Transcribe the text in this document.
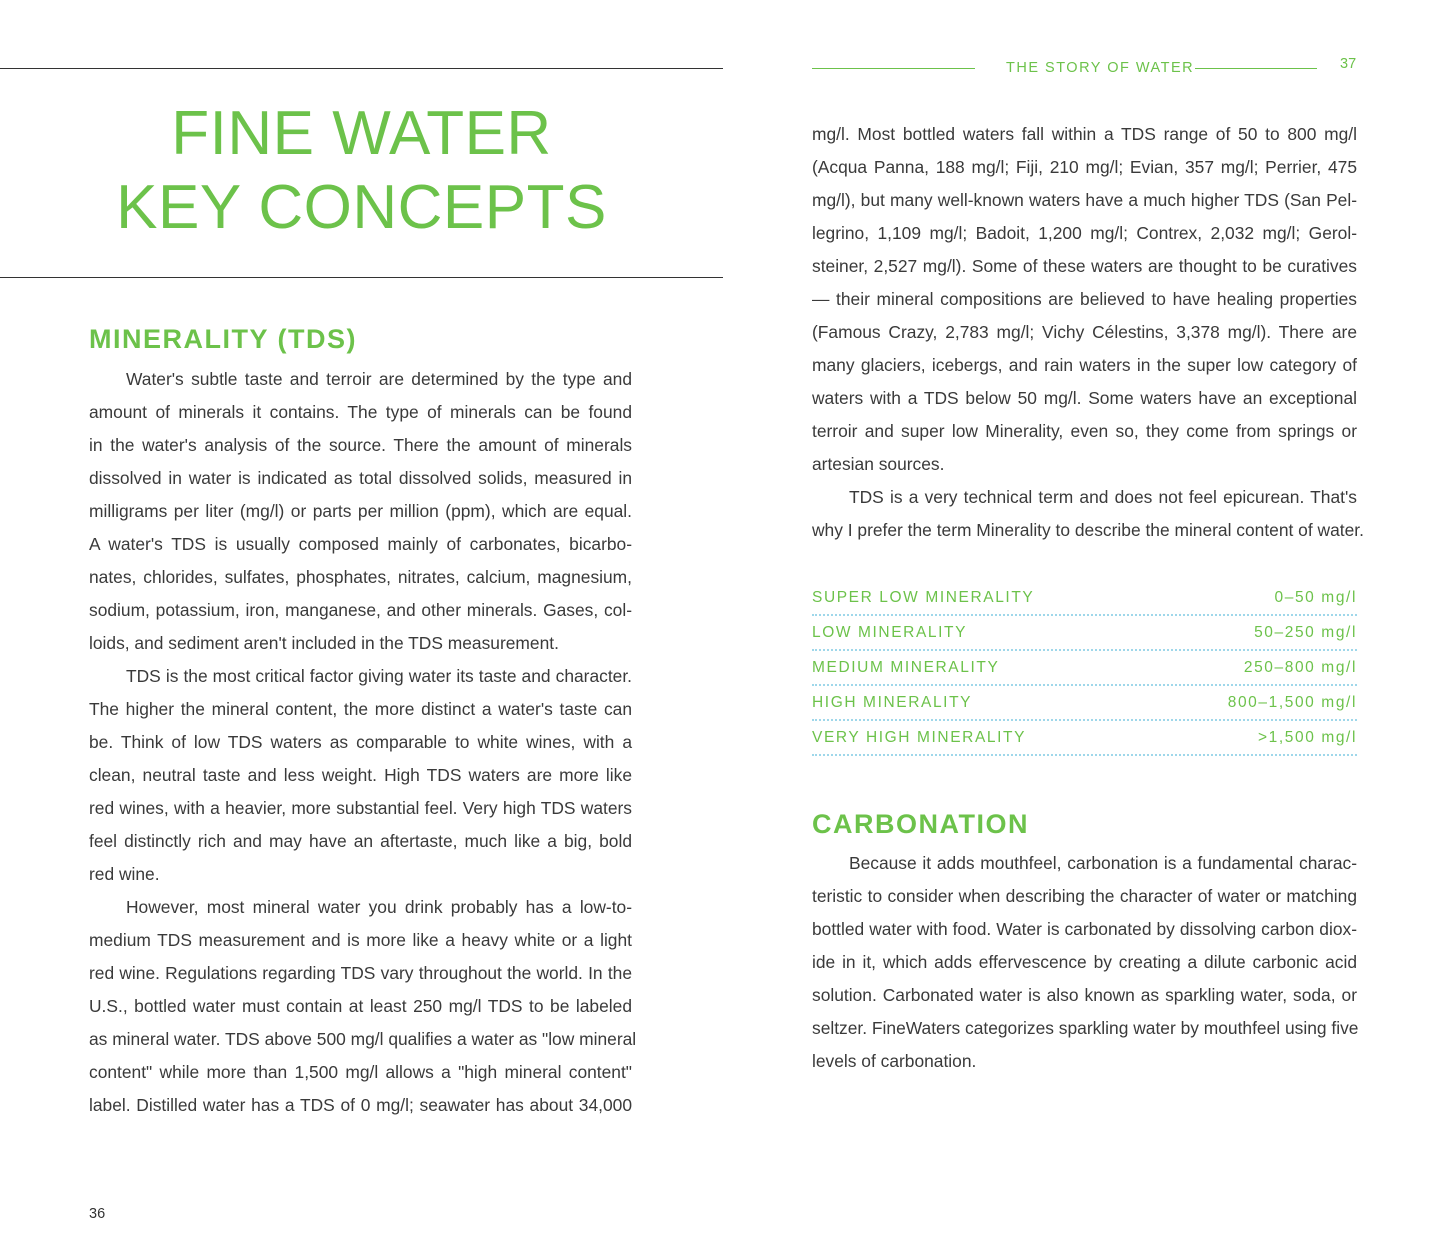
FINE WATER
KEY CONCEPTS
MINERALITY (TDS)
Water's subtle taste and terroir are determined by the type and
amount of minerals it contains. The type of minerals can be found
in the water's analysis of the source. There the amount of minerals
dissolved in water is indicated as total dissolved solids, measured in
milligrams per liter (mg/l) or parts per million (ppm), which are equal.
A water's TDS is usually composed mainly of carbonates, bicarbo-
nates, chlorides, sulfates, phosphates, nitrates, calcium, magnesium,
sodium, potassium, iron, manganese, and other minerals. Gases, col-
loids, and sediment aren't included in the TDS measurement.
TDS is the most critical factor giving water its taste and character.
The higher the mineral content, the more distinct a water's taste can
be. Think of low TDS waters as comparable to white wines, with a
clean, neutral taste and less weight. High TDS waters are more like
red wines, with a heavier, more substantial feel. Very high TDS waters
feel distinctly rich and may have an aftertaste, much like a big, bold
red wine.
However, most mineral water you drink probably has a low-to-
medium TDS measurement and is more like a heavy white or a light
red wine. Regulations regarding TDS vary throughout the world. In the
U.S., bottled water must contain at least 250 mg/l TDS to be labeled
as mineral water. TDS above 500 mg/l qualifies a water as "low mineral
content" while more than 1,500 mg/l allows a "high mineral content"
label. Distilled water has a TDS of 0 mg/l; seawater has about 34,000
36
THE STORY OF WATER	37
mg/l. Most bottled waters fall within a TDS range of 50 to 800 mg/l
(Acqua Panna, 188 mg/l; Fiji, 210 mg/l; Evian, 357 mg/l; Perrier, 475
mg/l), but many well-known waters have a much higher TDS (San Pel-
legrino, 1,109 mg/l; Badoit, 1,200 mg/l; Contrex, 2,032 mg/l; Gerol-
steiner, 2,527 mg/l). Some of these waters are thought to be curatives
— their mineral compositions are believed to have healing properties
(Famous Crazy, 2,783 mg/l; Vichy Célestins, 3,378 mg/l). There are
many glaciers, icebergs, and rain waters in the super low category of
waters with a TDS below 50 mg/l. Some waters have an exceptional
terroir and super low Minerality, even so, they come from springs or
artesian sources.
TDS is a very technical term and does not feel epicurean. That's
why I prefer the term Minerality to describe the mineral content of water.
SUPER LOW MINERALITY	0–50 mg/l
LOW MINERALITY	50–250 mg/l
MEDIUM MINERALITY	250–800 mg/l
HIGH MINERALITY	800–1,500 mg/l
VERY HIGH MINERALITY	>1,500 mg/l
CARBONATION
Because it adds mouthfeel, carbonation is a fundamental charac-
teristic to consider when describing the character of water or matching
bottled water with food. Water is carbonated by dissolving carbon diox-
ide in it, which adds effervescence by creating a dilute carbonic acid
solution. Carbonated water is also known as sparkling water, soda, or
seltzer. FineWaters categorizes sparkling water by mouthfeel using five
levels of carbonation.
